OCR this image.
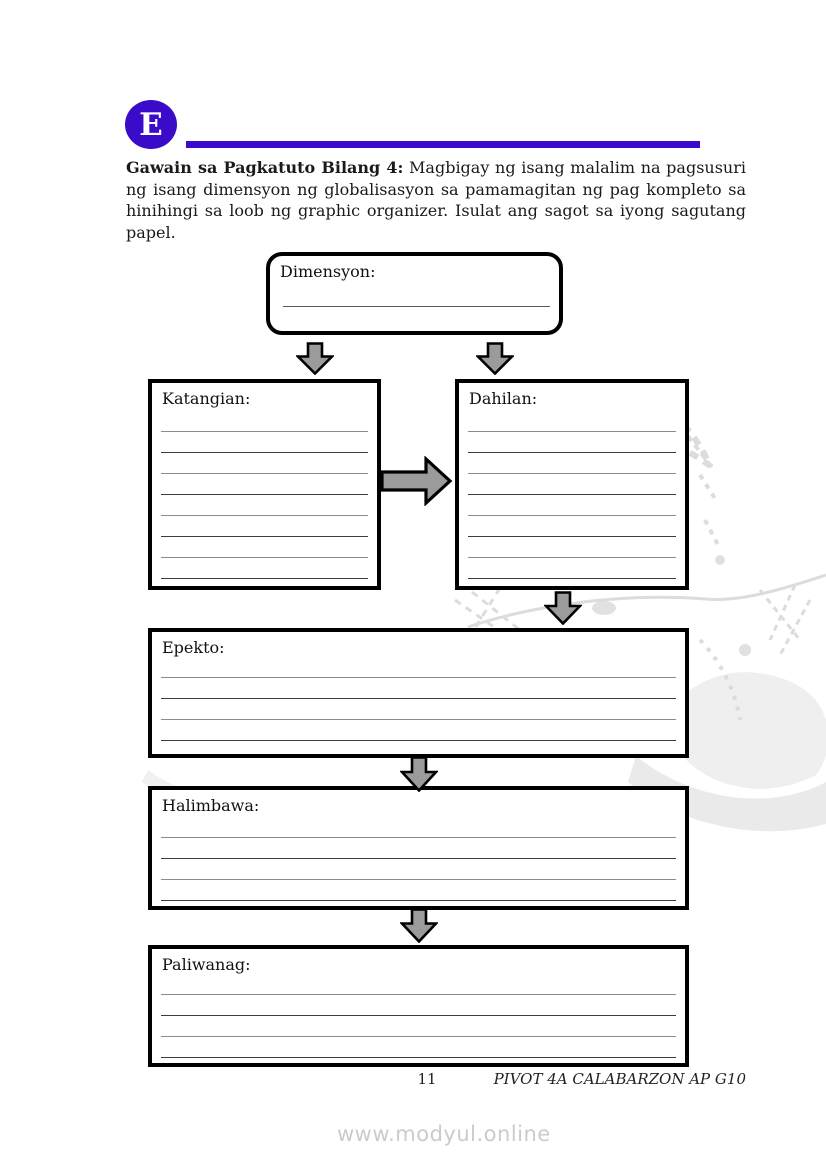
E

Gawain sa Pagkatuto Bilang 4: Magbigay ng isang malalim na pagsusuri ng isang dimensyon ng globalisasyon sa pamamagitan ng pag kompleto sa hinihingi sa loob ng graphic organizer. Isulat ang sagot sa iyong sagutang papel.

Dimensyon:
Katangian:	Dahilan:
Epekto:
Halimbawa:
Paliwanag:
11	PIVOT 4A CALABARZON AP G10
www.modyul.online
